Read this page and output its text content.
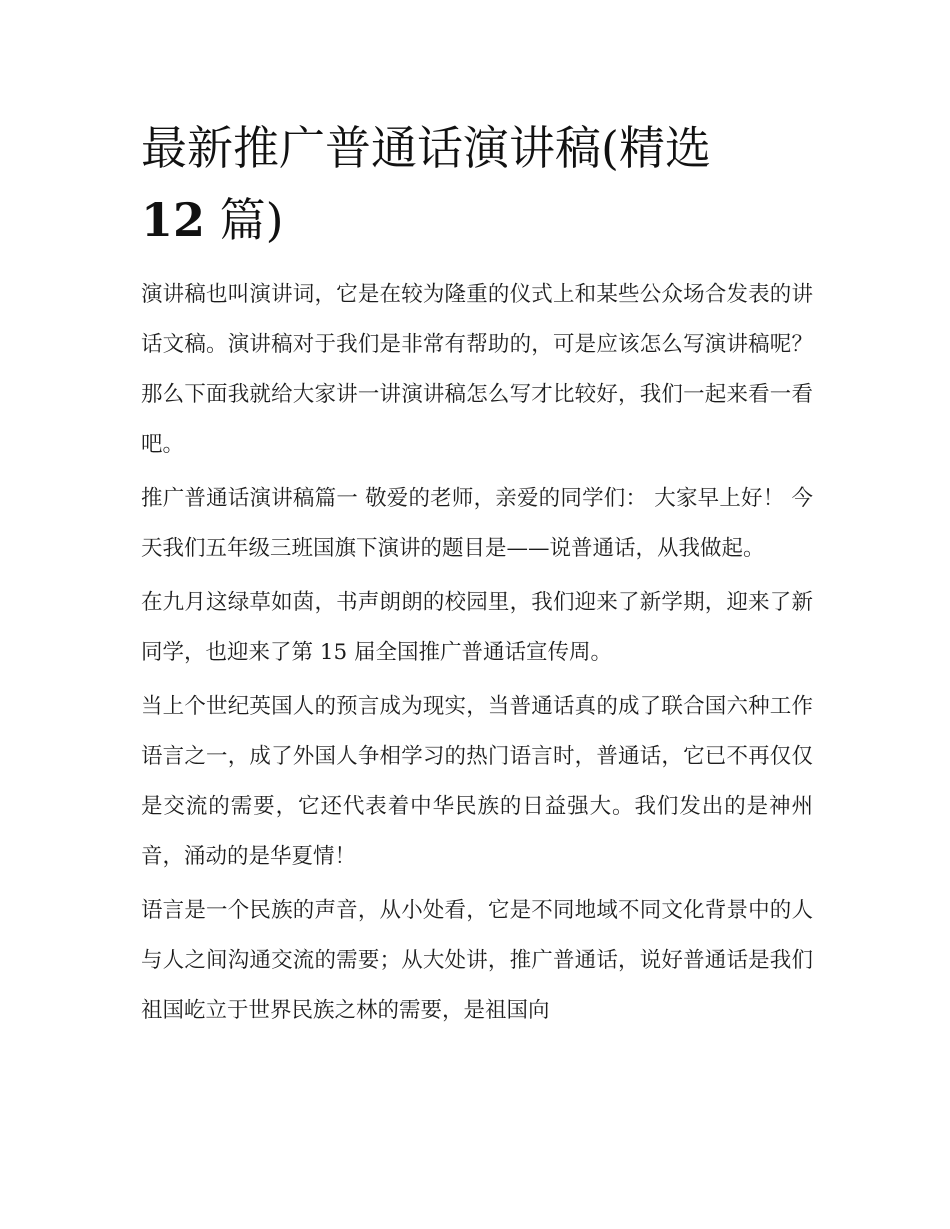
最新推广普通话演讲稿(精选
12 篇)

演讲稿也叫演讲词，它是在较为隆重的仪式上和某些公众场合发表的讲话文稿。演讲稿对于我们是非常有帮助的，可是应该怎么写演讲稿呢？那么下面我就给大家讲一讲演讲稿怎么写才比较好，我们一起来看一看吧。

推广普通话演讲稿篇一 敬爱的老师，亲爱的同学们： 大家早上好！ 今天我们五年级三班国旗下演讲的题目是——说普通话，从我做起。

在九月这绿草如茵，书声朗朗的校园里，我们迎来了新学期，迎来了新同学，也迎来了第 15 届全国推广普通话宣传周。

当上个世纪英国人的预言成为现实，当普通话真的成了联合国六种工作语言之一，成了外国人争相学习的热门语言时，普通话，它已不再仅仅是交流的需要，它还代表着中华民族的日益强大。我们发出的是神州音，涌动的是华夏情！

语言是一个民族的声音，从小处看，它是不同地域不同文化背景中的人与人之间沟通交流的需要；从大处讲，推广普通话，说好普通话是我们祖国屹立于世界民族之林的需要，是祖国向
